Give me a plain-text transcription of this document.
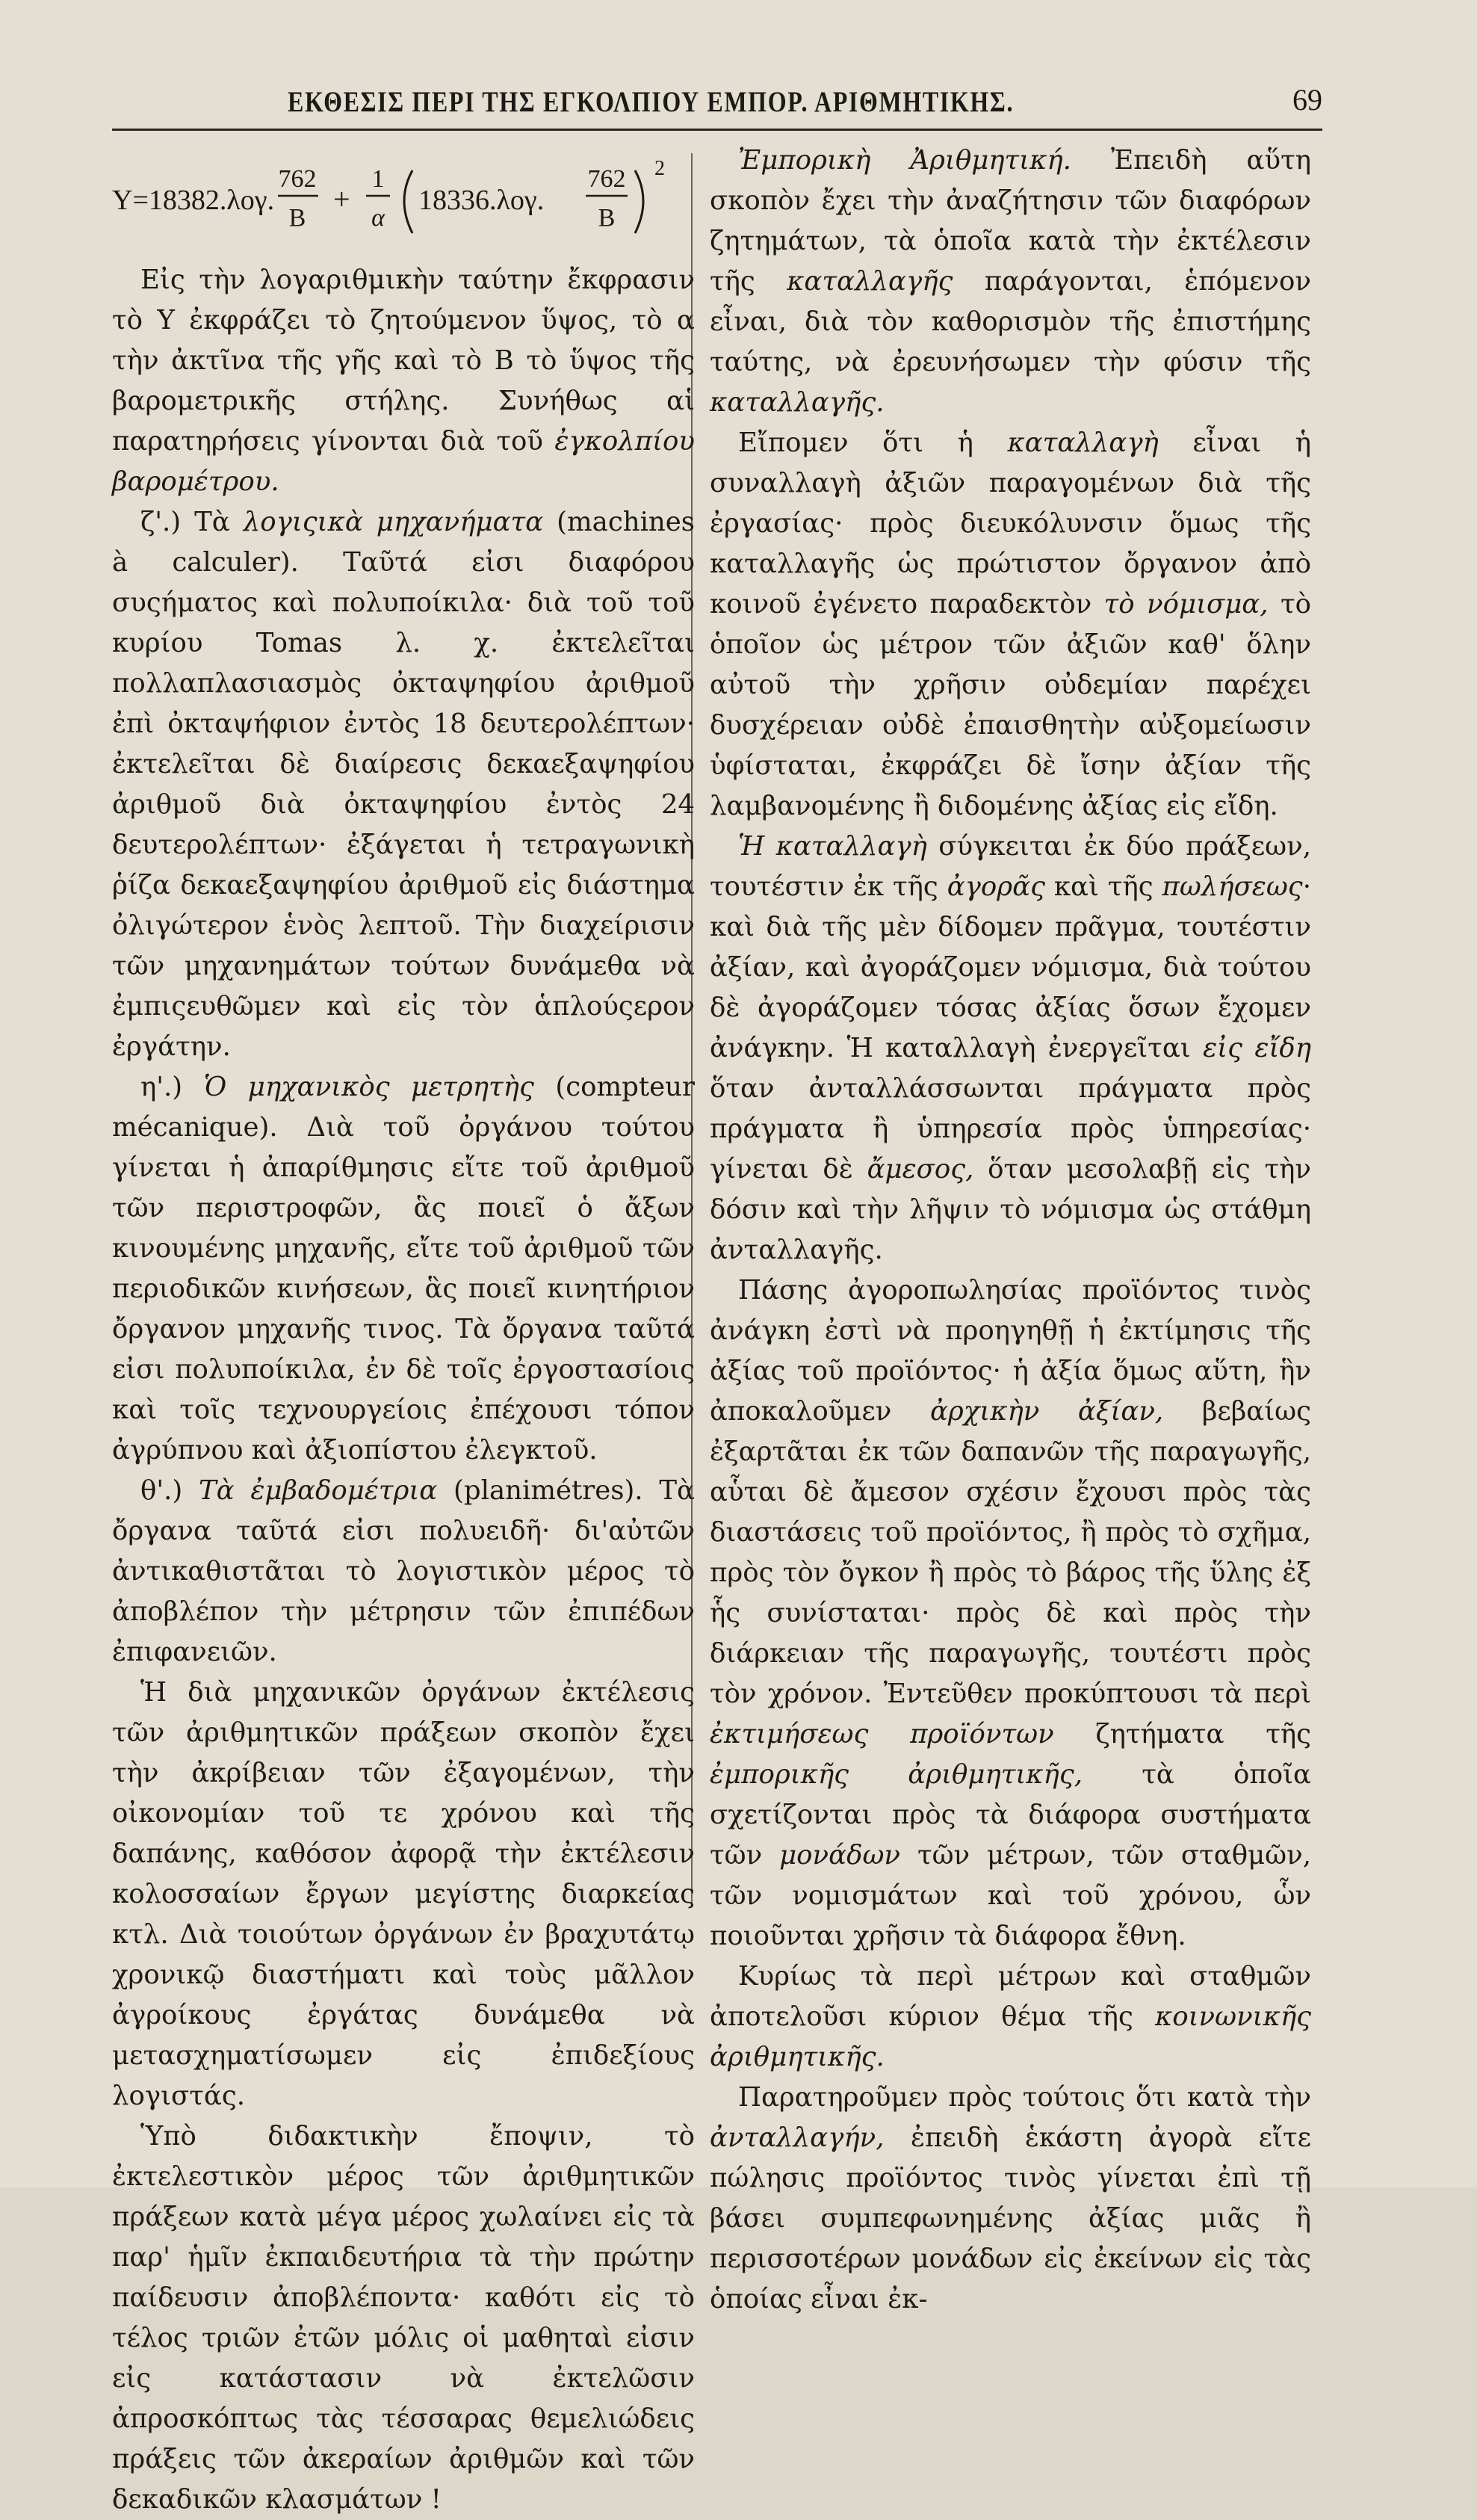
ΕΚΘΕΣΙΣ ΠΕΡΙ ΤΗΣ ΕΓΚΟΛΠΙΟΥ ΕΜΠΟΡ. ΑΡΙΘΜΗΤΙΚΗΣ.	69
Υ=18382.λογ.
762
Β
+
1
α
18336.λογ.
762
Β
2

Εἰς τὴν λογαριθμικὴν ταύτην ἔκφρασιν τὸ Υ ἐκφράζει τὸ ζητούμενον ὕψος, τὸ α τὴν ἀκτῖνα τῆς γῆς καὶ τὸ Β τὸ ὕψος τῆς βαρομετρικῆς στήλης. Συνήθως αἱ παρατηρήσεις γίνονται διὰ τοῦ ἐγκολπίου βαρομέτρου.

ζ'.) Τὰ λογιςικὰ μηχανήματα (machines à calculer). Ταῦτά εἰσι διαφόρου συςήματος καὶ πολυποίκιλα· διὰ τοῦ τοῦ κυρίου Tomas λ. χ. ἐκτελεῖται πολλαπλασιασμὸς ὀκταψηφίου ἀριθμοῦ ἐπὶ ὀκταψήφιον ἐντὸς 18 δευτερολέπτων· ἐκτελεῖται δὲ διαίρεσις δεκαεξαψηφίου ἀριθμοῦ διὰ ὀκταψηφίου ἐντὸς 24 δευτερολέπτων· ἐξάγεται ἡ τετραγωνικὴ ῥίζα δεκαεξαψηφίου ἀριθμοῦ εἰς διάστημα ὀλιγώτερον ἑνὸς λεπτοῦ. Τὴν διαχείρισιν τῶν μηχανημάτων τούτων δυνάμεθα νὰ ἐμπιςευθῶμεν καὶ εἰς τὸν ἁπλούςερον ἐργάτην.

η'.) Ὁ μηχανικὸς μετρητὴς (compteur mécanique). Διὰ τοῦ ὀργάνου τούτου γίνεται ἡ ἀπαρίθμησις εἴτε τοῦ ἀριθμοῦ τῶν περιστροφῶν, ἃς ποιεῖ ὁ ἄξων κινουμένης μηχανῆς, εἴτε τοῦ ἀριθμοῦ τῶν περιοδικῶν κινήσεων, ἃς ποιεῖ κινητήριον ὄργανον μηχανῆς τινος. Τὰ ὄργανα ταῦτά εἰσι πολυποίκιλα, ἐν δὲ τοῖς ἐργοστασίοις καὶ τοῖς τεχνουργείοις ἐπέχουσι τόπον ἀγρύπνου καὶ ἀξιοπίστου ἐλεγκτοῦ.

θ'.) Τὰ ἐμβαδομέτρια (planimétres). Τὰ ὄργανα ταῦτά εἰσι πολυειδῆ· δι'αὐτῶν ἀντικαθιστᾶται τὸ λογιστικὸν μέρος τὸ ἀποβλέπον τὴν μέτρησιν τῶν ἐπιπέδων ἐπιφανειῶν.

Ἡ διὰ μηχανικῶν ὀργάνων ἐκτέλεσις τῶν ἀριθμητικῶν πράξεων σκοπὸν ἔχει τὴν ἀκρίβειαν τῶν ἐξαγομένων, τὴν οἰκονομίαν τοῦ τε χρόνου καὶ τῆς δαπάνης, καθόσον ἀφορᾷ τὴν ἐκτέλεσιν κολοσσαίων ἔργων μεγίστης διαρκείας κτλ. Διὰ τοιούτων ὀργάνων ἐν βραχυτάτῳ χρονικῷ διαστήματι καὶ τοὺς μᾶλλον ἀγροίκους ἐργάτας δυνάμεθα νὰ μετασχηματίσωμεν εἰς ἐπιδεξίους λογιστάς.

Ὑπὸ διδακτικὴν ἔποψιν, τὸ ἐκτελεστικὸν μέρος τῶν ἀριθμητικῶν πράξεων κατὰ μέγα μέρος χωλαίνει εἰς τὰ παρ' ἡμῖν ἐκπαιδευτήρια τὰ τὴν πρώτην παίδευσιν ἀποβλέποντα· καθότι εἰς τὸ τέλος τριῶν ἐτῶν μόλις οἱ μαθηταὶ εἰσιν εἰς κατάστασιν νὰ ἐκτελῶσιν ἀπροσκόπτως τὰς τέσσαρας θεμελιώδεις πράξεις τῶν ἀκεραίων ἀριθμῶν καὶ τῶν δεκαδικῶν κλασμάτων !

Ἐμπορικὴ Ἀριθμητική. Ἐπειδὴ αὕτη σκοπὸν ἔχει τὴν ἀναζήτησιν τῶν διαφόρων ζητημάτων, τὰ ὁποῖα κατὰ τὴν ἐκτέλεσιν τῆς καταλλαγῆς παράγονται, ἑπόμενον εἶναι, διὰ τὸν καθορισμὸν τῆς ἐπιστήμης ταύτης, νὰ ἐρευνήσωμεν τὴν φύσιν τῆς καταλλαγῆς.

Εἴπομεν ὅτι ἡ καταλλαγὴ εἶναι ἡ συναλλαγὴ ἀξιῶν παραγομένων διὰ τῆς ἐργασίας· πρὸς διευκόλυνσιν ὅμως τῆς καταλλαγῆς ὡς πρώτιστον ὄργανον ἀπὸ κοινοῦ ἐγένετο παραδεκτὸν τὸ νόμισμα, τὸ ὁποῖον ὡς μέτρον τῶν ἀξιῶν καθ' ὅλην αὐτοῦ τὴν χρῆσιν οὐδεμίαν παρέχει δυσχέρειαν οὐδὲ ἐπαισθητὴν αὐξομείωσιν ὑφίσταται, ἐκφράζει δὲ ἴσην ἀξίαν τῆς λαμβανομένης ἢ διδομένης ἀξίας εἰς εἴδη.

Ἡ καταλλαγὴ σύγκειται ἐκ δύο πράξεων, τουτέστιν ἐκ τῆς ἀγορᾶς καὶ τῆς πωλήσεως· καὶ διὰ τῆς μὲν δίδομεν πρᾶγμα, τουτέστιν ἀξίαν, καὶ ἀγοράζομεν νόμισμα, διὰ τούτου δὲ ἀγοράζομεν τόσας ἀξίας ὅσων ἔχομεν ἀνάγκην. Ἡ καταλλαγὴ ἐνεργεῖται εἰς εἴδη ὅταν ἀνταλλάσσωνται πράγματα πρὸς πράγματα ἢ ὑπηρεσία πρὸς ὑπηρεσίας· γίνεται δὲ ἄμεσος, ὅταν μεσολαβῇ εἰς τὴν δόσιν καὶ τὴν λῆψιν τὸ νόμισμα ὡς στάθμη ἀνταλλαγῆς.

Πάσης ἀγοροπωλησίας προϊόντος τινὸς ἀνάγκη ἐστὶ νὰ προηγηθῇ ἡ ἐκτίμησις τῆς ἀξίας τοῦ προϊόντος· ἡ ἀξία ὅμως αὕτη, ἣν ἀποκαλοῦμεν ἀρχικὴν ἀξίαν, βεβαίως ἐξαρτᾶται ἐκ τῶν δαπανῶν τῆς παραγωγῆς, αὗται δὲ ἄμεσον σχέσιν ἔχουσι πρὸς τὰς διαστάσεις τοῦ προϊόντος, ἢ πρὸς τὸ σχῆμα, πρὸς τὸν ὄγκον ἢ πρὸς τὸ βάρος τῆς ὕλης ἐξ ἧς συνίσταται· πρὸς δὲ καὶ πρὸς τὴν διάρκειαν τῆς παραγωγῆς, τουτέστι πρὸς τὸν χρόνον. Ἐντεῦθεν προκύπτουσι τὰ περὶ ἐκτιμήσεως προϊόντων ζητήματα τῆς ἐμπορικῆς ἀριθμητικῆς, τὰ ὁποῖα σχετίζονται πρὸς τὰ διάφορα συστήματα τῶν μονάδων τῶν μέτρων, τῶν σταθμῶν, τῶν νομισμάτων καὶ τοῦ χρόνου, ὧν ποιοῦνται χρῆσιν τὰ διάφορα ἔθνη.

Κυρίως τὰ περὶ μέτρων καὶ σταθμῶν ἀποτελοῦσι κύριον θέμα τῆς κοινωνικῆς ἀριθμητικῆς.

Παρατηροῦμεν πρὸς τούτοις ὅτι κατὰ τὴν ἀνταλλαγήν, ἐπειδὴ ἑκάστη ἀγορὰ εἴτε πώλησις προϊόντος τινὸς γίνεται ἐπὶ τῇ βάσει συμπεφωνημένης ἀξίας μιᾶς ἢ περισσοτέρων μονάδων εἰς ἐκείνων εἰς τὰς ὁποίας εἶναι ἐκ-
